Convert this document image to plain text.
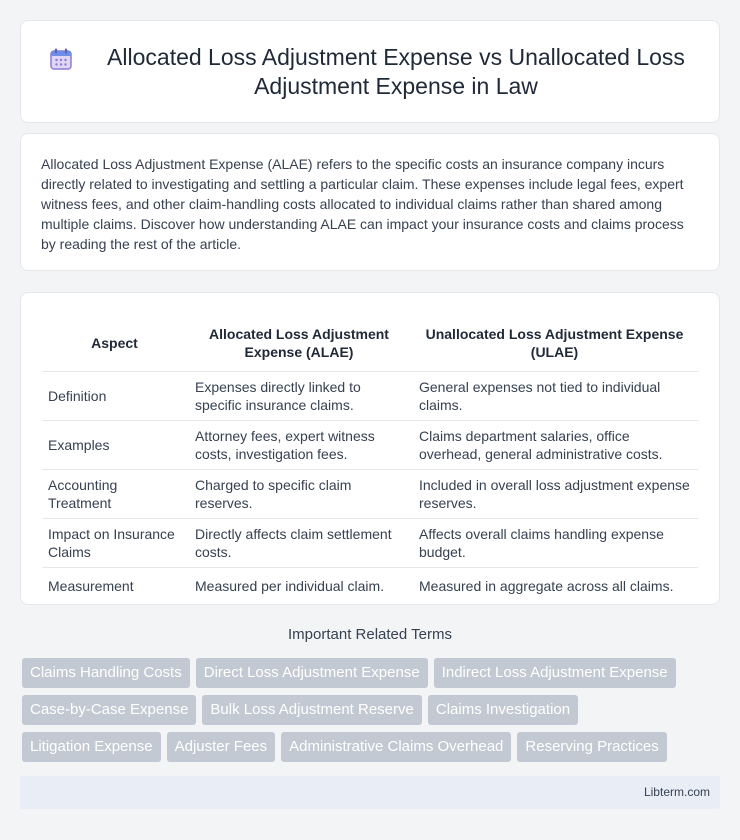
Allocated Loss Adjustment Expense vs Unallocated Loss Adjustment Expense in Law

Allocated Loss Adjustment Expense (ALAE) refers to the specific costs an insurance company incurs directly related to investigating and settling a particular claim. These expenses include legal fees, expert witness fees, and other claim-handling costs allocated to individual claims rather than shared among multiple claims. Discover how understanding ALAE can impact your insurance costs and claims process by reading the rest of the article.

Aspect	Allocated Loss Adjustment Expense (ALAE)	Unallocated Loss Adjustment Expense (ULAE)
Definition	Expenses directly linked to specific insurance claims.	General expenses not tied to individual claims.
Examples	Attorney fees, expert witness costs, investigation fees.	Claims department salaries, office overhead, general administrative costs.
Accounting Treatment	Charged to specific claim reserves.	Included in overall loss adjustment expense reserves.
Impact on Insurance Claims	Directly affects claim settlement costs.	Affects overall claims handling expense budget.
Measurement	Measured per individual claim.	Measured in aggregate across all claims.
Important Related Terms
Claims Handling Costs	Direct Loss Adjustment Expense	Indirect Loss Adjustment Expense
Case-by-Case Expense	Bulk Loss Adjustment Reserve	Claims Investigation
Litigation Expense	Adjuster Fees	Administrative Claims Overhead	Reserving Practices
Libterm.com
